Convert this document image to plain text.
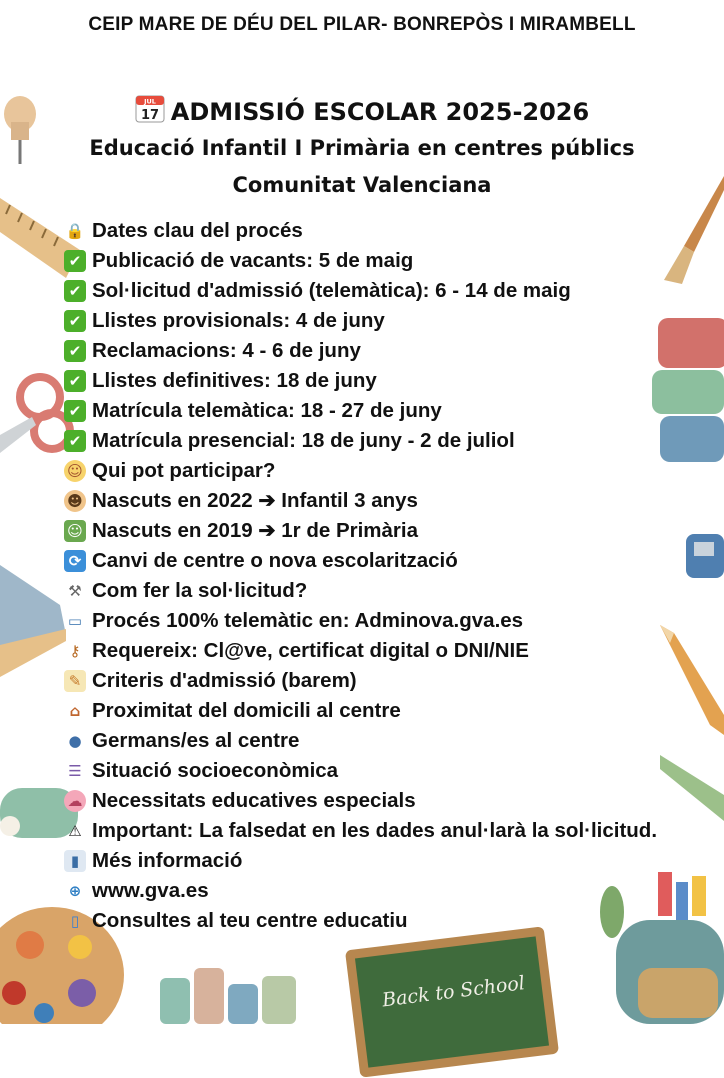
Back to School
CEIP MARE DE DÉU DEL PILAR- BONREPÒS I MIRAMBELL
JUL
17 ADMISSIÓ ESCOLAR 2025-2026
Educació Infantil I Primària en centres públics
Comunitat Valenciana
🔒 Dates clau del procés
✔ Publicació de vacants: 5 de maig
✔ Sol·licitud d'admissió (telemàtica): 6 - 14 de maig
✔ Llistes provisionals: 4 de juny
✔ Reclamacions: 4 - 6 de juny
✔ Llistes definitives: 18 de juny
✔ Matrícula telemàtica: 18 - 27 de juny
✔ Matrícula presencial: 18 de juny - 2 de juliol
☺ Qui pot participar?
☻ Nascuts en 2022 ➔ Infantil 3 anys
☺ Nascuts en 2019 ➔ 1r de Primària
⟳ Canvi de centre o nova escolarització
⚒ Com fer la sol·licitud?
▭ Procés 100% telemàtic en: Adminova.gva.es
⚷ Requereix: Cl@ve, certificat digital o DNI/NIE
✎ Criteris d'admissió (barem)
⌂ Proximitat del domicili al centre
● Germans/es al centre
☰ Situació socioeconòmica
☁ Necessitats educatives especials
⚠ Important: La falsedat en les dades anul·larà la sol·licitud.
▮ Més informació
⊕ www.gva.es
▯ Consultes al teu centre educatiu
